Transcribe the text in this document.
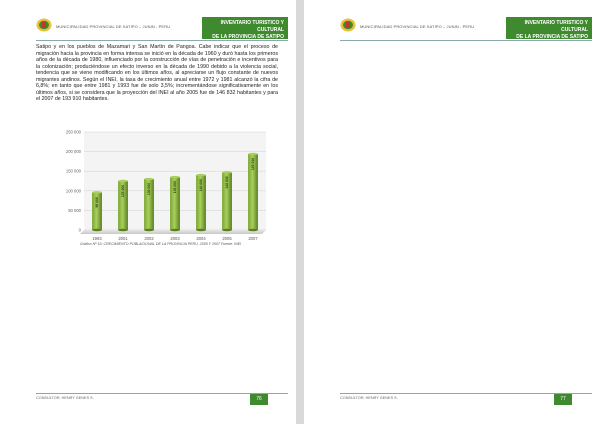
MUNICIPALIDAD PROVINCIAL DE SATIPO – JUNIN - PERU
INVENTARIO TURISTICO Y CULTURAL
DE LA PROVINCIA DE SATIPO

Satipo y en los pueblos de Mazamari y San Martín de Pangoa. Cabe indicar que el proceso de migración hacia la provincia en forma intensa se inició en la década de 1960 y duró hasta los primeros años de la década de 1980, influenciado por la construcción de vías de penetración e incentivos para la colonización; produciéndose un efecto inverso en la década de 1990 debido a la violencia social, tendencia que se viene modificando en los últimos años, al apreciarse un flujo constante de nuevos migrantes andinos. Según el INEI, la tasa de crecimiento anual entre 1972 y 1981 alcanzó la cifra de 6,8%; en tanto que entre 1981 y 1993 fue de solo 3,5%; incrementándose significativamente en los últimos años, si se considera que la proyección del INEI al año 2005 fue de 146 832 habitantes y para el 2007 de 193 910 habitantes.

0
50 000
100 000
150 000
200 000
250 000
96 000
1993
125 000
2001
130 000
2002
135 000
2003
140 000
2004
146 832
2005
193 910
2007
Gráfico Nº 16: CRECIMIENTO POBLACIONAL DE LA PROVINCIA PERU, 2005 Y 2007 Fuente: INEI
CONSULTOR: HENRY GENES S.	76
MUNICIPALIDAD PROVINCIAL DE SATIPO – JUNIN - PERU
INVENTARIO TURISTICO Y CULTURAL
DE LA PROVINCIA DE SATIPO
CONSULTOR: HENRY GENES S.	77
